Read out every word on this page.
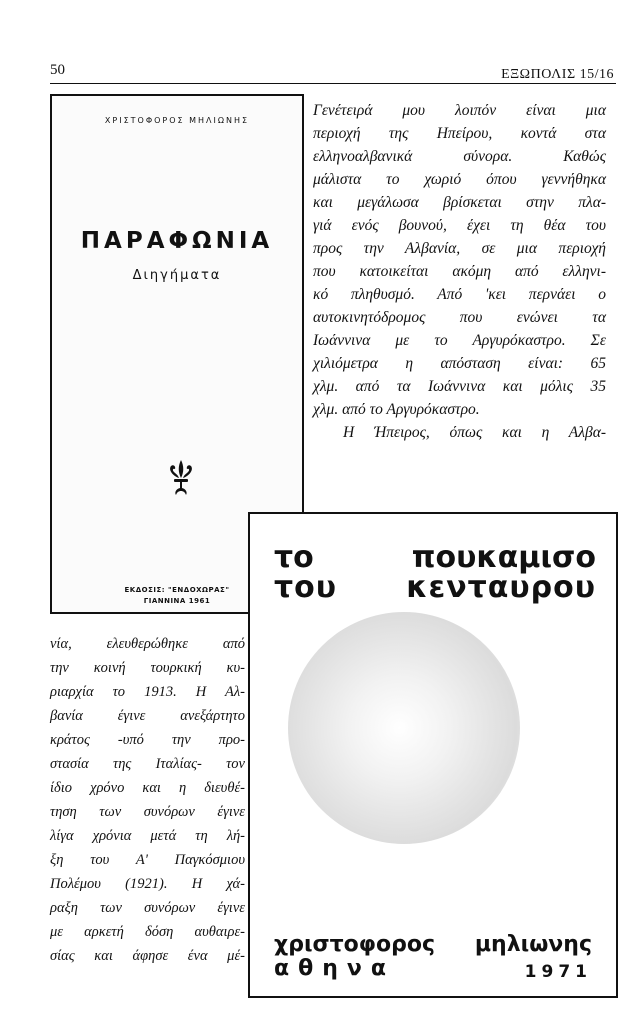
50	ΕΞΩΠΟΛΙΣ 15/16
ΧΡΙΣΤΟΦΟΡΟΣ ΜΗΛΙΩΝΗΣ
ΠΑΡΑΦΩΝΙΑ
Διηγήματα
ΕΚΔΟΣΙΣ: "ΕΝΔΟΧΩΡΑΣ"
ΓΙΑΝΝΙΝΑ 1961
Γενέτειρά μου λοιπόν είναι μια
περιοχή της Ηπείρου, κοντά στα
ελληνοαλβανικά σύνορα. Καθώς
μάλιστα το χωριό όπου γεννήθηκα
και μεγάλωσα βρίσκεται στην πλα-
γιά ενός βουνού, έχει τη θέα του
προς την Αλβανία, σε μια περιοχή
που κατοικείται ακόμη από ελληνι-
κό πληθυσμό. Από 'κει περνάει ο
αυτοκινητόδρομος που ενώνει τα
Ιωάννινα με το Αργυρόκαστρο. Σε
χιλιόμετρα η απόσταση είναι: 65
χλμ. από τα Ιωάννινα και μόλις 35
χλμ. από το Αργυρόκαστρο.
Η Ήπειρος, όπως και η Αλβα-
νία, ελευθερώθηκε από
την κοινή τουρκική κυ-
ριαρχία το 1913. Η Αλ-
βανία έγινε ανεξάρτητο
κράτος -υπό την προ-
στασία της Ιταλίας- τον
ίδιο χρόνο και η διευθέ-
τηση των συνόρων έγινε
λίγα χρόνια μετά τη λή-
ξη του Α' Παγκόσμιου
Πολέμου (1921). Η χά-
ραξη των συνόρων έγινε
με αρκετή δόση αυθαιρε-
σίας και άφησε ένα μέ-
το πουκαμισο
του κενταυρου
χριστοφορος μηλιωνης
αθηνα	1971
